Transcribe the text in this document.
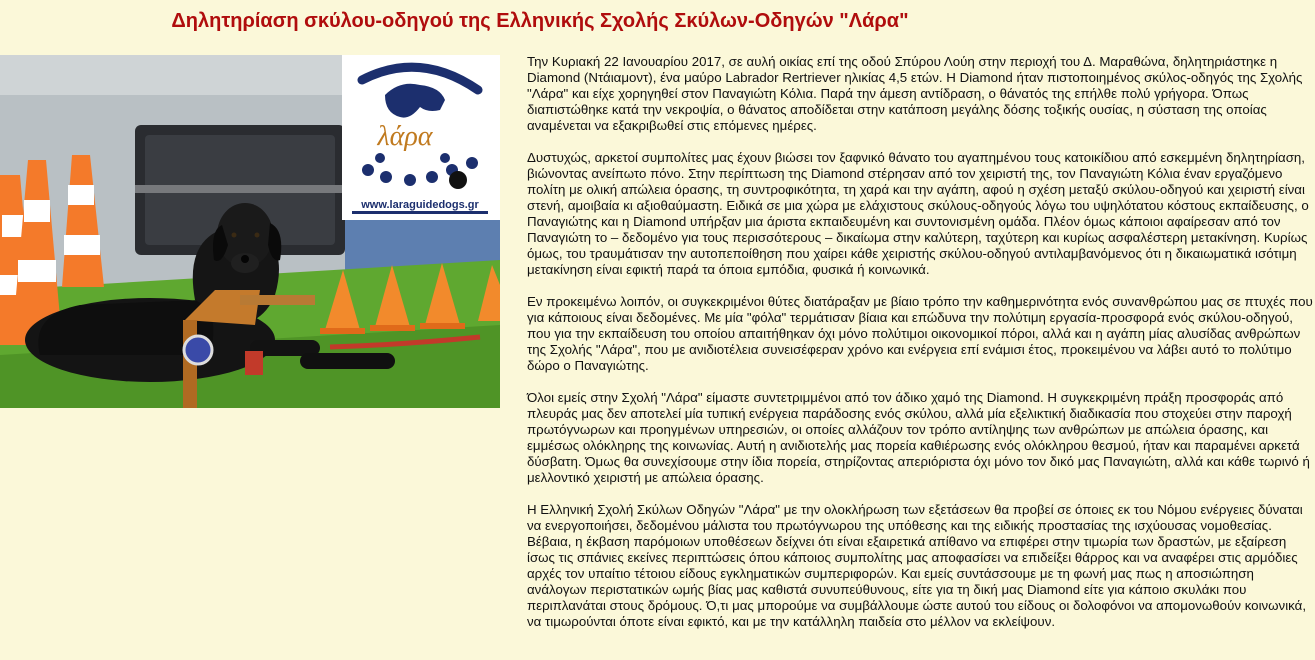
Δηλητηρίαση σκύλου-οδηγού της Ελληνικής Σχολής Σκύλων-Οδηγών "Λάρα"
λάρα
www.laraguidedogs.gr

Την Κυριακή 22 Ιανουαρίου 2017, σε αυλή οικίας επί της οδού Σπύρου Λούη στην περιοχή του Δ. Μαραθώνα, δηλητηριάστηκε η Diamond (Ντάιαμοντ), ένα μαύρο Labrador Rertriever ηλικίας 4,5 ετών. Η Diamond ήταν πιστοποιημένος σκύλος-οδηγός της Σχολής "Λάρα" και είχε χορηγηθεί στον Παναγιώτη Κόλια. Παρά την άμεση αντίδραση, ο θάνατός της επήλθε πολύ γρήγορα. Όπως διαπιστώθηκε κατά την νεκροψία, ο θάνατος αποδίδεται στην κατάποση μεγάλης δόσης τοξικής ουσίας, η σύσταση της οποίας αναμένεται να εξακριβωθεί στις επόμενες ημέρες.

Δυστυχώς, αρκετοί συμπολίτες μας έχουν βιώσει τον ξαφνικό θάνατο του αγαπημένου τους κατοικίδιου από εσκεμμένη δηλητηρίαση, βιώνοντας ανείπωτο πόνο. Στην περίπτωση της Diamond στέρησαν από τον χειριστή της, τον Παναγιώτη Κόλια έναν εργαζόμενο πολίτη με ολική απώλεια όρασης, τη συντροφικότητα, τη χαρά και την αγάπη, αφού η σχέση μεταξύ σκύλου-οδηγού και χειριστή είναι στενή, αμοιβαία κι αξιοθαύμαστη. Ειδικά σε μια χώρα με ελάχιστους σκύλους-οδηγούς λόγω του υψηλότατου κόστους εκπαίδευσης, ο Παναγιώτης και η Diamond υπήρξαν μια άριστα εκπαιδευμένη και συντονισμένη ομάδα. Πλέον όμως κάποιοι αφαίρεσαν από τον Παναγιώτη το – δεδομένο για τους περισσότερους – δικαίωμα στην καλύτερη, ταχύτερη και κυρίως ασφαλέστερη μετακίνηση. Κυρίως όμως, του τραυμάτισαν την αυτοπεποίθηση που χαίρει κάθε χειριστής σκύλου-οδηγού αντιλαμβανόμενος ότι η δικαιωματικά ισότιμη μετακίνηση είναι εφικτή παρά τα όποια εμπόδια, φυσικά ή κοινωνικά.

Εν προκειμένω λοιπόν, οι συγκεκριμένοι θύτες διατάραξαν με βίαιο τρόπο την καθημερινότητα ενός συνανθρώπου μας σε πτυχές που για κάποιους είναι δεδομένες. Με μία "φόλα" τερμάτισαν βίαια και επώδυνα την πολύτιμη εργασία-προσφορά ενός σκύλου-οδηγού, που για την εκπαίδευση του οποίου απαιτήθηκαν όχι μόνο πολύτιμοι οικονομικοί πόροι, αλλά και η αγάπη μίας αλυσίδας ανθρώπων της Σχολής "Λάρα", που με ανιδιοτέλεια συνεισέφεραν χρόνο και ενέργεια επί ενάμισι έτος, προκειμένου να λάβει αυτό το πολύτιμο δώρο ο Παναγιώτης.

Όλοι εμείς στην Σχολή "Λάρα" είμαστε συντετριμμένοι από τον άδικο χαμό της Diamond. Η συγκεκριμένη πράξη προσφοράς από πλευράς μας δεν αποτελεί μία τυπική ενέργεια παράδοσης ενός σκύλου, αλλά μία εξελικτική διαδικασία που στοχεύει στην παροχή πρωτόγνωρων και προηγμένων υπηρεσιών, οι οποίες αλλάζουν τον τρόπο αντίληψης των ανθρώπων με απώλεια όρασης, και εμμέσως ολόκληρης της κοινωνίας. Αυτή η ανιδιοτελής μας πορεία καθιέρωσης ενός ολόκληρου θεσμού, ήταν και παραμένει αρκετά δύσβατη. Όμως θα συνεχίσουμε στην ίδια πορεία, στηρίζοντας απεριόριστα όχι μόνο τον δικό μας Παναγιώτη, αλλά και κάθε τωρινό ή μελλοντικό χειριστή με απώλεια όρασης.

Η Ελληνική Σχολή Σκύλων Οδηγών "Λάρα" με την ολοκλήρωση των εξετάσεων θα προβεί σε όποιες εκ του Νόμου ενέργειες δύναται να ενεργοποιήσει, δεδομένου μάλιστα του πρωτόγνωρου της υπόθεσης και της ειδικής προστασίας της ισχύουσας νομοθεσίας. Βέβαια, η έκβαση παρόμοιων υποθέσεων δείχνει ότι είναι εξαιρετικά απίθανο να επιφέρει στην τιμωρία των δραστών, με εξαίρεση ίσως τις σπάνιες εκείνες περιπτώσεις όπου κάποιος συμπολίτης μας αποφασίσει να επιδείξει θάρρος και να αναφέρει στις αρμόδιες αρχές τον υπαίτιο τέτοιου είδους εγκληματικών συμπεριφορών. Και εμείς συντάσσουμε με τη φωνή μας πως η αποσιώπηση ανάλογων περιστατικών ωμής βίας μας καθιστά συνυπεύθυνους, είτε για τη δική μας Diamond είτε για κάποιο σκυλάκι που περιπλανάται στους δρόμους. Ό,τι μας μπορούμε να συμβάλλουμε ώστε αυτού του είδους οι δολοφόνοι να απομονωθούν κοινωνικά, να τιμωρούνται όποτε είναι εφικτό, και με την κατάλληλη παιδεία στο μέλλον να εκλείψουν.
